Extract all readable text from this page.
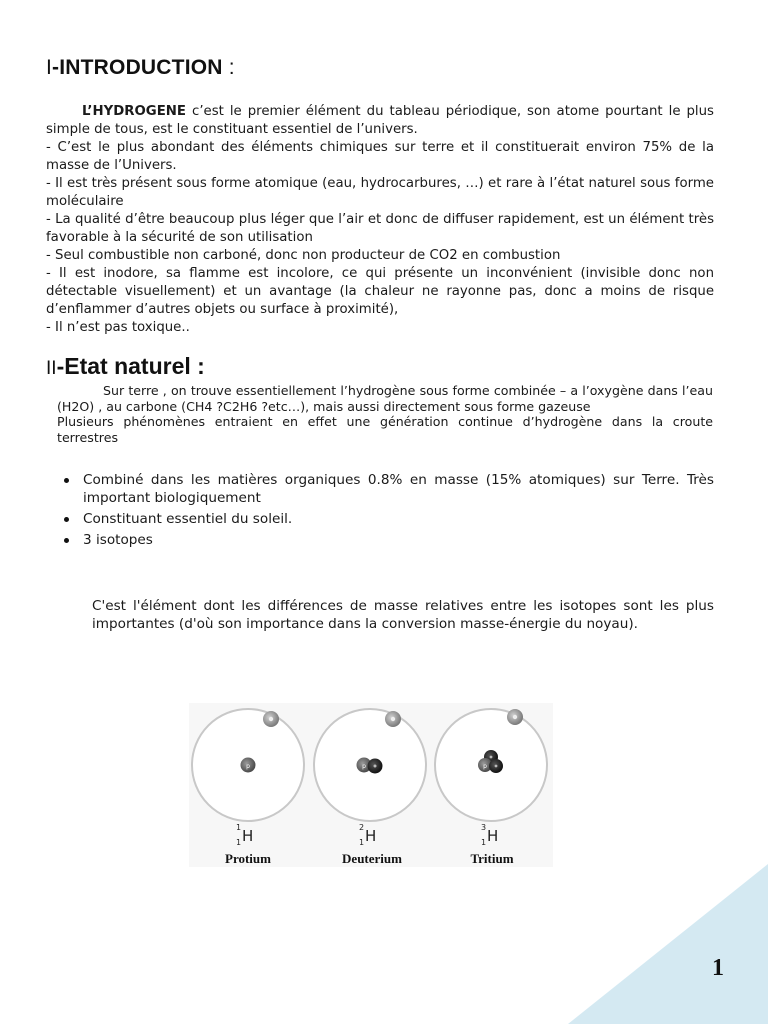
I-INTRODUCTION :

L’HYDROGENE c’est le premier élément du tableau périodique, son atome pourtant le plus simple de tous, est le constituant essentiel de l’univers.

- C’est le plus abondant des éléments chimiques sur terre et il constituerait environ 75% de la masse de l’Univers.

- Il est très présent sous forme atomique (eau, hydrocarbures, …) et rare à l’état naturel sous forme moléculaire

- La qualité d’être beaucoup plus léger que l’air et donc de diffuser rapidement, est un élément très favorable à la sécurité de son utilisation

- Seul combustible non carboné, donc non producteur de CO2 en combustion

- Il est inodore, sa flamme est incolore, ce qui présente un inconvénient (invisible donc non détectable visuellement) et un avantage (la chaleur ne rayonne pas, donc a moins de risque d’enflammer d’autres objets ou surface à proximité),

- Il n’est pas toxique..

II-Etat naturel :

Sur terre , on trouve essentiellement l’hydrogène sous forme combinée – a l’oxygène dans l’eau (H2O) , au carbone (CH4 ?C2H6 ?etc…), mais aussi directement sous forme gazeuse

Plusieurs phénomènes entraient en effet une génération continue d’hydrogène dans la croute terrestres

Combiné dans les matières organiques 0.8% en masse (15% atomiques) sur Terre. Très important biologiquement
Constituant essentiel du soleil.
3 isotopes

C'est l'élément dont les différences de masse relatives entre les isotopes sont les plus importantes (d'où son importance dans la conversion masse-énergie du noyau).

p	p	p
1
1 H
Protium
2
1 H
Deuterium
3
1 H
Tritium
1
